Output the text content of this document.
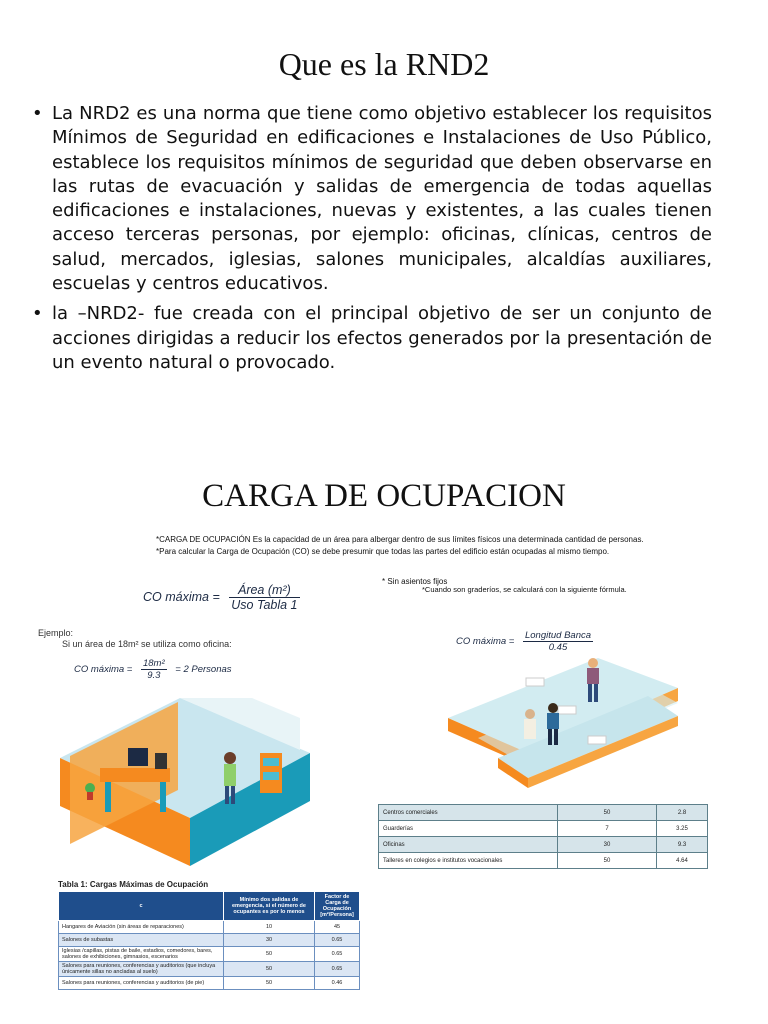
Que es la RND2
• La NRD2 es una norma que tiene como objetivo establecer los requisitos Mínimos de Seguridad en edificaciones e Instalaciones de Uso Público, establece los requisitos mínimos de seguridad que deben observarse en las rutas de evacuación y salidas de emergencia de todas aquellas edificaciones e instalaciones, nuevas y existentes, a las cuales tienen acceso terceras personas, por ejemplo: oficinas, clínicas, centros de salud, mercados, iglesias, salones municipales, alcaldías auxiliares, escuelas y centros educativos.
• la –NRD2- fue creada con el principal objetivo de ser un conjunto de acciones dirigidas a reducir los efectos generados por la presentación de un evento natural o provocado.
CARGA DE OCUPACION
*CARGA DE OCUPACIÓN Es la capacidad de un área para albergar dentro de sus límites físicos una determinada cantidad de personas.
*Para calcular la Carga de Ocupación (CO) se debe presumir que todas las partes del edificio están ocupadas al mismo tiempo.
* Sin asientos fijos
*Cuando son graderíos, se calculará con la siguiente fórmula.
CO máxima = $\frac{\text{Área (m²)}}{\text{Uso Tabla 1}}$
Ejemplo:
Si un área de 18m² se utiliza como oficina:
CO máxima = $\frac{\text{18m²}}{9.3} = 2$ Personas
CO máxima = $\frac{\text{Longitud Banca}}{0.45}$
Tabla 1: Cargas Máximas de Ocupación
c	Mínimo dos salidas de emergencia, si el número de ocupantes es por lo menos	Factor de Carga de Ocupación [m²/Persona]
Hangares de Aviación (sin áreas de reparaciones)	10	45
Salones de subastas	30	0.65
Iglesias /capillas, pistas de baile, estadios, comedores, bares, salones de exhibiciones, gimnasios, escenarios	50	0.65
Salones para reuniones, conferencias y auditorios (que incluya únicamente sillas no ancladas al suelo)	50	0.65
Salones para reuniones, conferencias y auditorios (de pie)	50	0.46
Centros comerciales	50	2.8
Guarderías	7	3.25
Oficinas	30	9.3
Talleres en colegios e institutos vocacionales	50	4.64
